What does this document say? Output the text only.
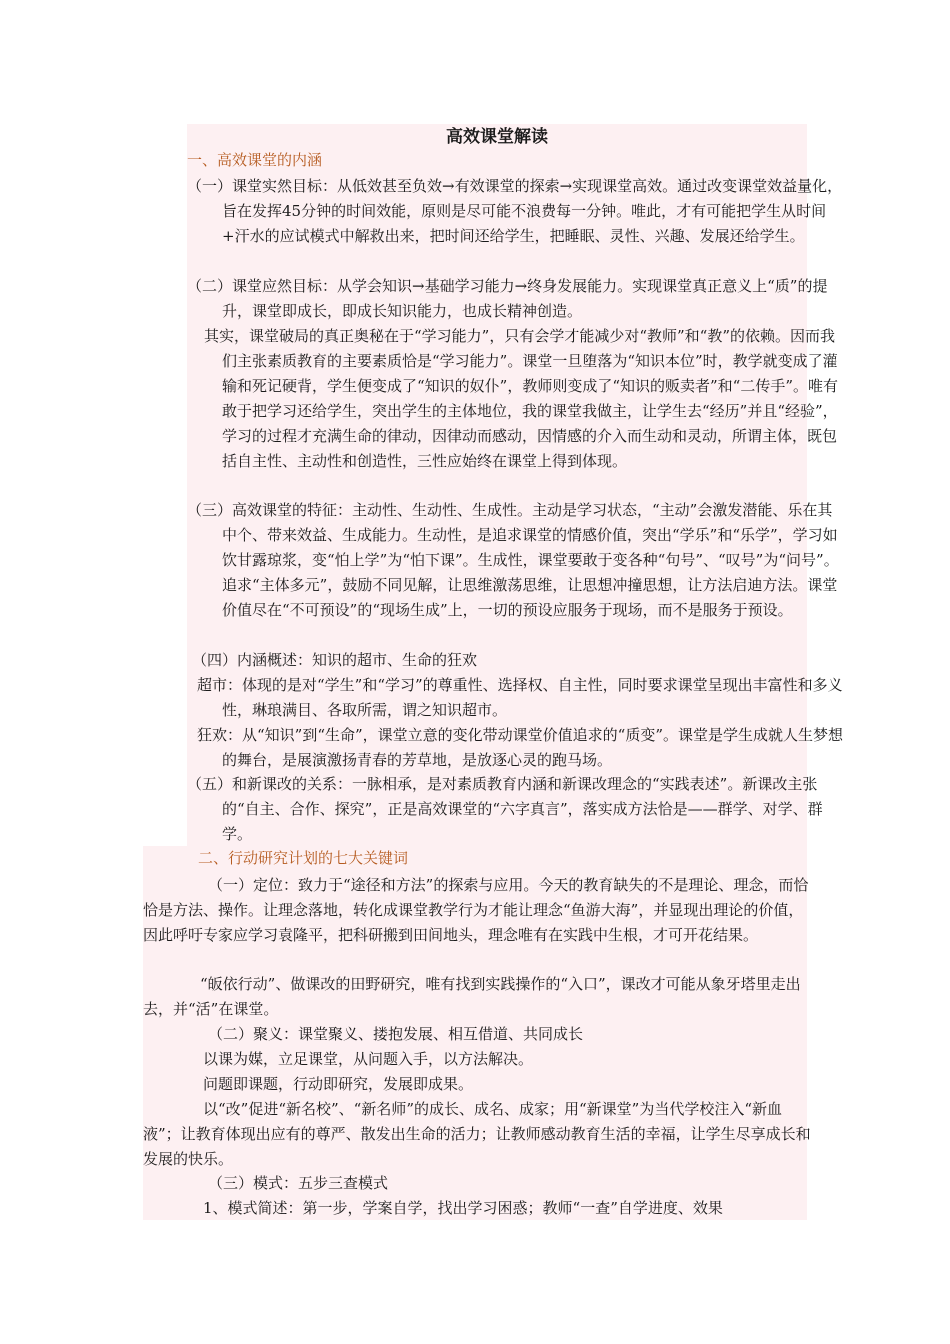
高效课堂解读
一、高效课堂的内涵
（一）课堂实然目标：从低效甚至负效→有效课堂的探索→实现课堂高效。通过改变课堂效益量化，旨在发挥45分钟的时间效能，原则是尽可能不浪费每一分钟。唯此，才有可能把学生从时间+汗水的应试模式中解救出来，把时间还给学生，把睡眠、灵性、兴趣、发展还给学生。
（二）课堂应然目标：从学会知识→基础学习能力→终身发展能力。实现课堂真正意义上“质”的提升，课堂即成长，即成长知识能力，也成长精神创造。
其实，课堂破局的真正奥秘在于“学习能力”，只有会学才能减少对“教师”和“教”的依赖。因而我们主张素质教育的主要素质恰是“学习能力”。课堂一旦堕落为“知识本位”时，教学就变成了灌输和死记硬背，学生便变成了“知识的奴仆”，教师则变成了“知识的贩卖者”和“二传手”。唯有敢于把学习还给学生，突出学生的主体地位，我的课堂我做主，让学生去“经历”并且“经验”，学习的过程才充满生命的律动，因律动而感动，因情感的介入而生动和灵动，所谓主体，既包括自主性、主动性和创造性，三性应始终在课堂上得到体现。
（三）高效课堂的特征：主动性、生动性、生成性。主动是学习状态，“主动”会激发潜能、乐在其中个、带来效益、生成能力。生动性，是追求课堂的情感价值，突出“学乐”和“乐学”，学习如饮甘露琼浆，变“怕上学”为“怕下课”。生成性，课堂要敢于变各种“句号”、“叹号”为“问号”。追求“主体多元”，鼓励不同见解，让思维激荡思维，让思想冲撞思想，让方法启迪方法。课堂价值尽在“不可预设”的“现场生成”上，一切的预设应服务于现场，而不是服务于预设。
（四）内涵概述：知识的超市、生命的狂欢
超市：体现的是对“学生”和“学习”的尊重性、选择权、自主性，同时要求课堂呈现出丰富性和多义性，琳琅满目、各取所需，谓之知识超市。
狂欢：从“知识”到“生命”，课堂立意的变化带动课堂价值追求的“质变”。课堂是学生成就人生梦想的舞台，是展演激扬青春的芳草地，是放逐心灵的跑马场。
（五）和新课改的关系：一脉相承，是对素质教育内涵和新课改理念的“实践表述”。新课改主张的“自主、合作、探究”，正是高效课堂的“六字真言”，落实成方法恰是——群学、对学、群学。
二、行动研究计划的七大关键词
（一）定位：致力于“途径和方法”的探索与应用。今天的教育缺失的不是理论、理念，而恰恰是方法、操作。让理念落地，转化成课堂教学行为才能让理念“鱼游大海”，并显现出理论的价值，因此呼吁专家应学习袁隆平，把科研搬到田间地头，理念唯有在实践中生根，才可开花结果。
“皈依行动”、做课改的田野研究，唯有找到实践操作的“入口”，课改才可能从象牙塔里走出去，并“活”在课堂。
（二）聚义：课堂聚义、搂抱发展、相互借道、共同成长
以课为媒，立足课堂，从问题入手，以方法解决。
问题即课题，行动即研究，发展即成果。
以“改”促进“新名校”、“新名师”的成长、成名、成家；用“新课堂”为当代学校注入“新血液”；让教育体现出应有的尊严、散发出生命的活力；让教师感动教育生活的幸福，让学生尽享成长和发展的快乐。
（三）模式：五步三查模式
1、模式简述：第一步，学案自学，找出学习困惑；教师“一查”自学进度、效果
